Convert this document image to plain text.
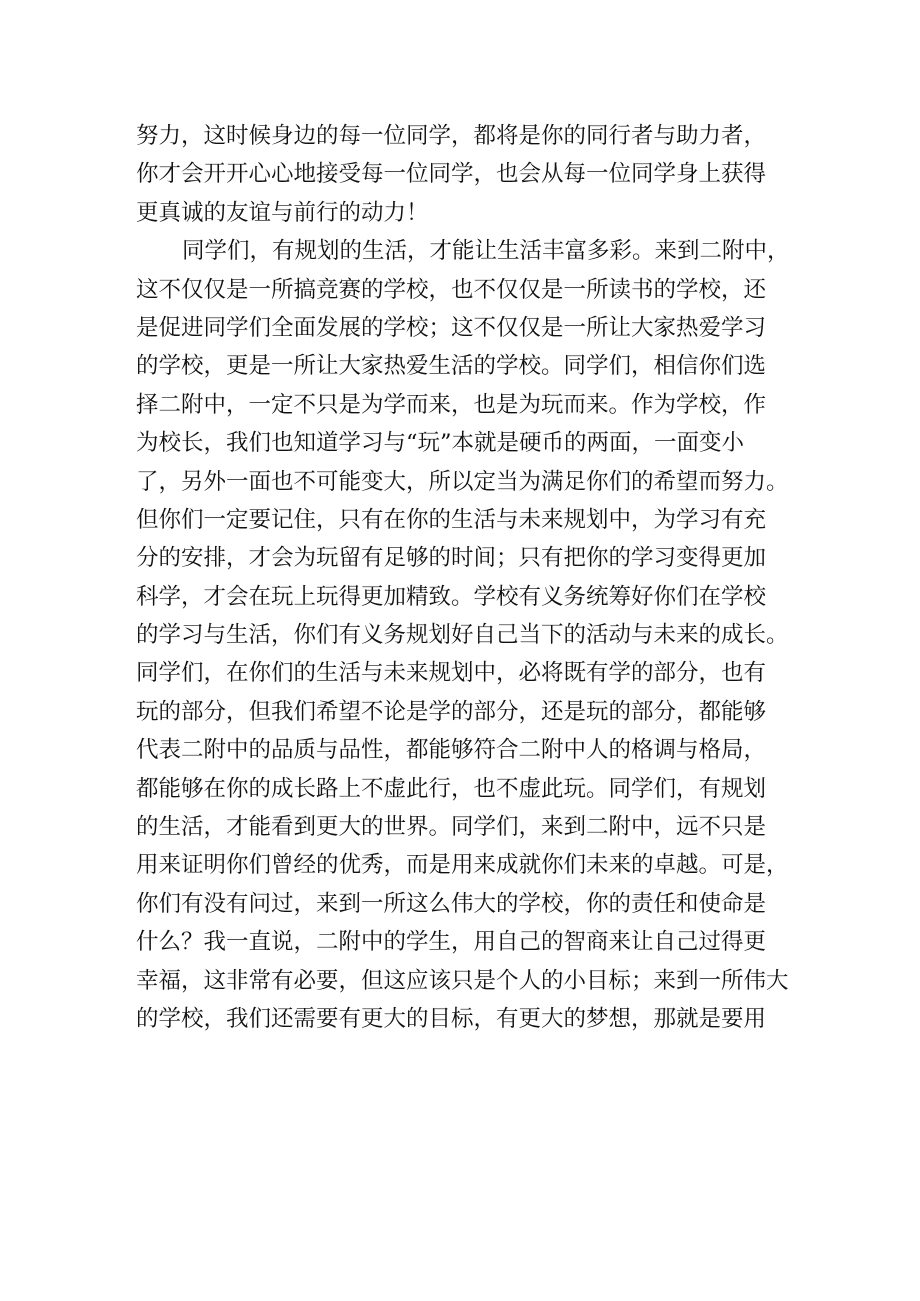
努力，这时候身边的每一位同学，都将是你的同行者与助力者，
你才会开开心心地接受每一位同学，也会从每一位同学身上获得
更真诚的友谊与前行的动力！
同学们，有规划的生活，才能让生活丰富多彩。来到二附中，
这不仅仅是一所搞竞赛的学校，也不仅仅是一所读书的学校，还
是促进同学们全面发展的学校；这不仅仅是一所让大家热爱学习
的学校，更是一所让大家热爱生活的学校。同学们，相信你们选
择二附中，一定不只是为学而来，也是为玩而来。作为学校，作
为校长，我们也知道学习与“玩”本就是硬币的两面，一面变小
了，另外一面也不可能变大，所以定当为满足你们的希望而努力。
但你们一定要记住，只有在你的生活与未来规划中，为学习有充
分的安排，才会为玩留有足够的时间；只有把你的学习变得更加
科学，才会在玩上玩得更加精致。学校有义务统筹好你们在学校
的学习与生活，你们有义务规划好自己当下的活动与未来的成长。
同学们，在你们的生活与未来规划中，必将既有学的部分，也有
玩的部分，但我们希望不论是学的部分，还是玩的部分，都能够
代表二附中的品质与品性，都能够符合二附中人的格调与格局，
都能够在你的成长路上不虚此行，也不虚此玩。同学们，有规划
的生活，才能看到更大的世界。同学们，来到二附中，远不只是
用来证明你们曾经的优秀，而是用来成就你们未来的卓越。可是，
你们有没有问过，来到一所这么伟大的学校，你的责任和使命是
什么？我一直说，二附中的学生，用自己的智商来让自己过得更
幸福，这非常有必要，但这应该只是个人的小目标；来到一所伟大
的学校，我们还需要有更大的目标，有更大的梦想，那就是要用
